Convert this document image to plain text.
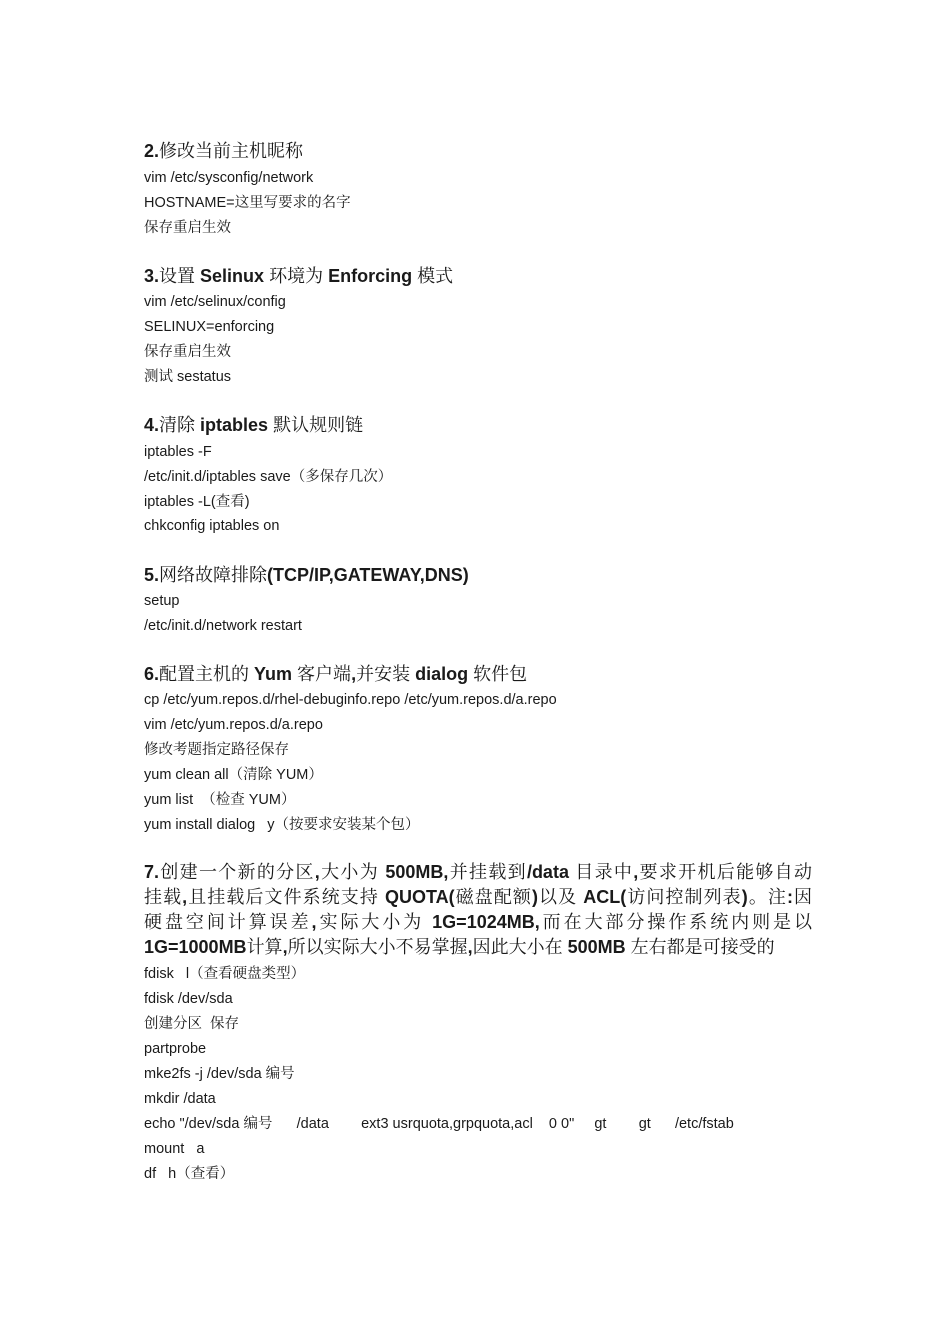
2.修改当前主机昵称
vim /etc/sysconfig/network
HOSTNAME=这里写要求的名字
保存重启生效
3.设置 Selinux 环境为 Enforcing 模式
vim /etc/selinux/config
SELINUX=enforcing
保存重启生效
测试 sestatus
4.清除 iptables 默认规则链
iptables -F
/etc/init.d/iptables save（多保存几次）
iptables -L(查看)
chkconfig iptables on
5.网络故障排除(TCP/IP,GATEWAY,DNS)
setup
/etc/init.d/network restart
6.配置主机的 Yum 客户端,并安装 dialog 软件包
cp /etc/yum.repos.d/rhel-debuginfo.repo /etc/yum.repos.d/a.repo
vim /etc/yum.repos.d/a.repo
修改考题指定路径保存
yum clean all（清除 YUM）
yum list  （检查 YUM）
yum install dialog   y（按要求安装某个包）
7.创建一个新的分区,大小为 500MB,并挂载到/data 目录中,要求开机后能够自动
挂载,且挂载后文件系统支持 QUOTA(磁盘配额)以及 ACL(访问控制列表)。注:因
硬盘空间计算误差,实际大小为 1G=1024MB,而在大部分操作系统内则是以
1G=1000MB计算,所以实际大小不易掌握,因此大小在 500MB 左右都是可接受的
fdisk   l（查看硬盘类型）
fdisk /dev/sda
创建分区  保存
partprobe
mke2fs -j /dev/sda 编号
mkdir /data
echo "/dev/sda 编号      /data        ext3 usrquota,grpquota,acl    0 0"     gt        gt      /etc/fstab
mount   a
df   h（查看）
